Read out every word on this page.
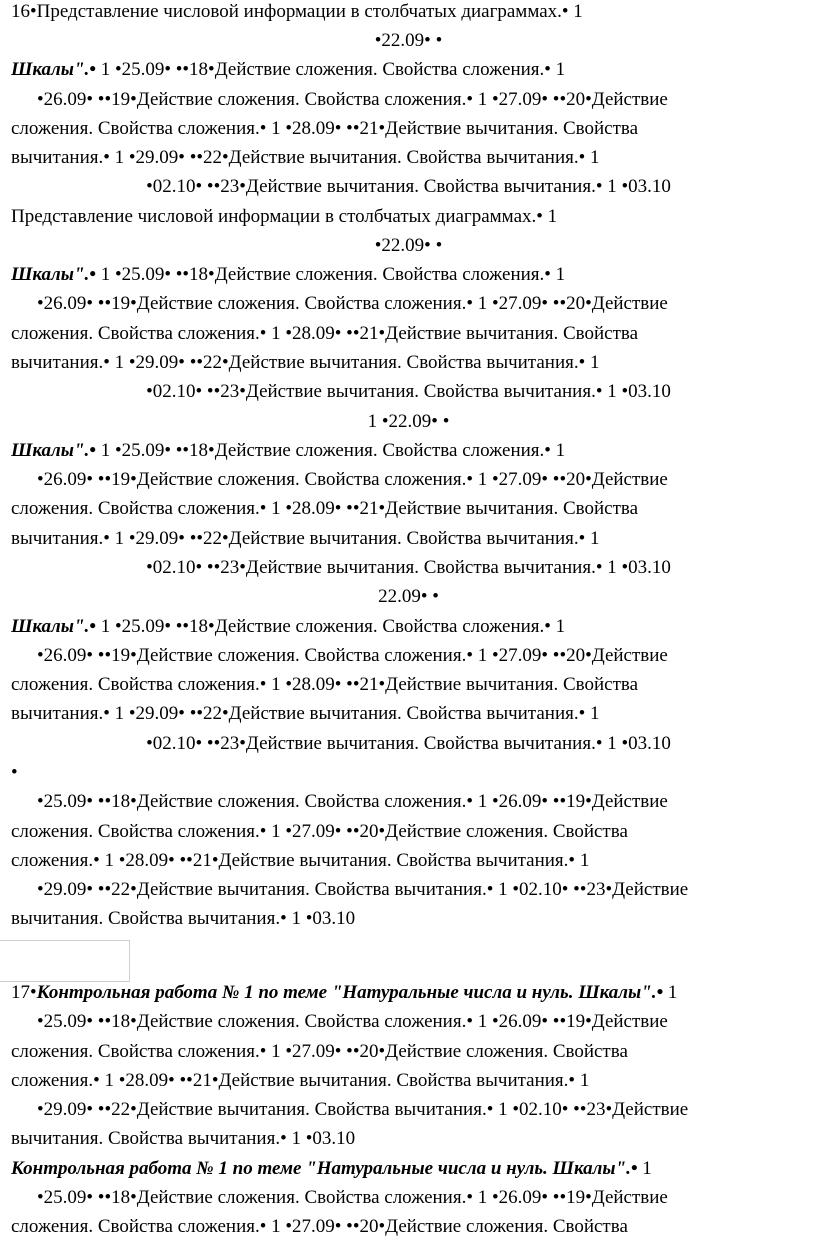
16•Представление числовой информации в столбчатых диаграммах.• 1
•22.09• •
Шкалы".• 1 •25.09• ••18•Действие сложения. Свойства сложения.• 1
•26.09• ••19•Действие сложения. Свойства сложения.• 1 •27.09• ••20•Действие
сложения. Свойства сложения.• 1 •28.09• ••21•Действие вычитания. Свойства
вычитания.• 1 •29.09• ••22•Действие вычитания. Свойства вычитания.• 1
•02.10• ••23•Действие вычитания. Свойства вычитания.• 1 •03.10
Представление числовой информации в столбчатых диаграммах.• 1
•22.09• •
Шкалы".• 1 •25.09• ••18•Действие сложения. Свойства сложения.• 1
•26.09• ••19•Действие сложения. Свойства сложения.• 1 •27.09• ••20•Действие
сложения. Свойства сложения.• 1 •28.09• ••21•Действие вычитания. Свойства
вычитания.• 1 •29.09• ••22•Действие вычитания. Свойства вычитания.• 1
•02.10• ••23•Действие вычитания. Свойства вычитания.• 1 •03.10
1 •22.09• •
Шкалы".• 1 •25.09• ••18•Действие сложения. Свойства сложения.• 1
•26.09• ••19•Действие сложения. Свойства сложения.• 1 •27.09• ••20•Действие
сложения. Свойства сложения.• 1 •28.09• ••21•Действие вычитания. Свойства
вычитания.• 1 •29.09• ••22•Действие вычитания. Свойства вычитания.• 1
•02.10• ••23•Действие вычитания. Свойства вычитания.• 1 •03.10
22.09• •
Шкалы".• 1 •25.09• ••18•Действие сложения. Свойства сложения.• 1
•26.09• ••19•Действие сложения. Свойства сложения.• 1 •27.09• ••20•Действие
сложения. Свойства сложения.• 1 •28.09• ••21•Действие вычитания. Свойства
вычитания.• 1 •29.09• ••22•Действие вычитания. Свойства вычитания.• 1
•02.10• ••23•Действие вычитания. Свойства вычитания.• 1 •03.10
•
•25.09• ••18•Действие сложения. Свойства сложения.• 1 •26.09• ••19•Действие
сложения. Свойства сложения.• 1 •27.09• ••20•Действие сложения. Свойства
сложения.• 1 •28.09• ••21•Действие вычитания. Свойства вычитания.• 1
•29.09• ••22•Действие вычитания. Свойства вычитания.• 1 •02.10• ••23•Действие
вычитания. Свойства вычитания.• 1 •03.10
17•Контрольная работа № 1 по теме "Натуральные числа и нуль. Шкалы".• 1
•25.09• ••18•Действие сложения. Свойства сложения.• 1 •26.09• ••19•Действие
сложения. Свойства сложения.• 1 •27.09• ••20•Действие сложения. Свойства
сложения.• 1 •28.09• ••21•Действие вычитания. Свойства вычитания.• 1
•29.09• ••22•Действие вычитания. Свойства вычитания.• 1 •02.10• ••23•Действие
вычитания. Свойства вычитания.• 1 •03.10
Контрольная работа № 1 по теме "Натуральные числа и нуль. Шкалы".• 1
•25.09• ••18•Действие сложения. Свойства сложения.• 1 •26.09• ••19•Действие
сложения. Свойства сложения.• 1 •27.09• ••20•Действие сложения. Свойства
